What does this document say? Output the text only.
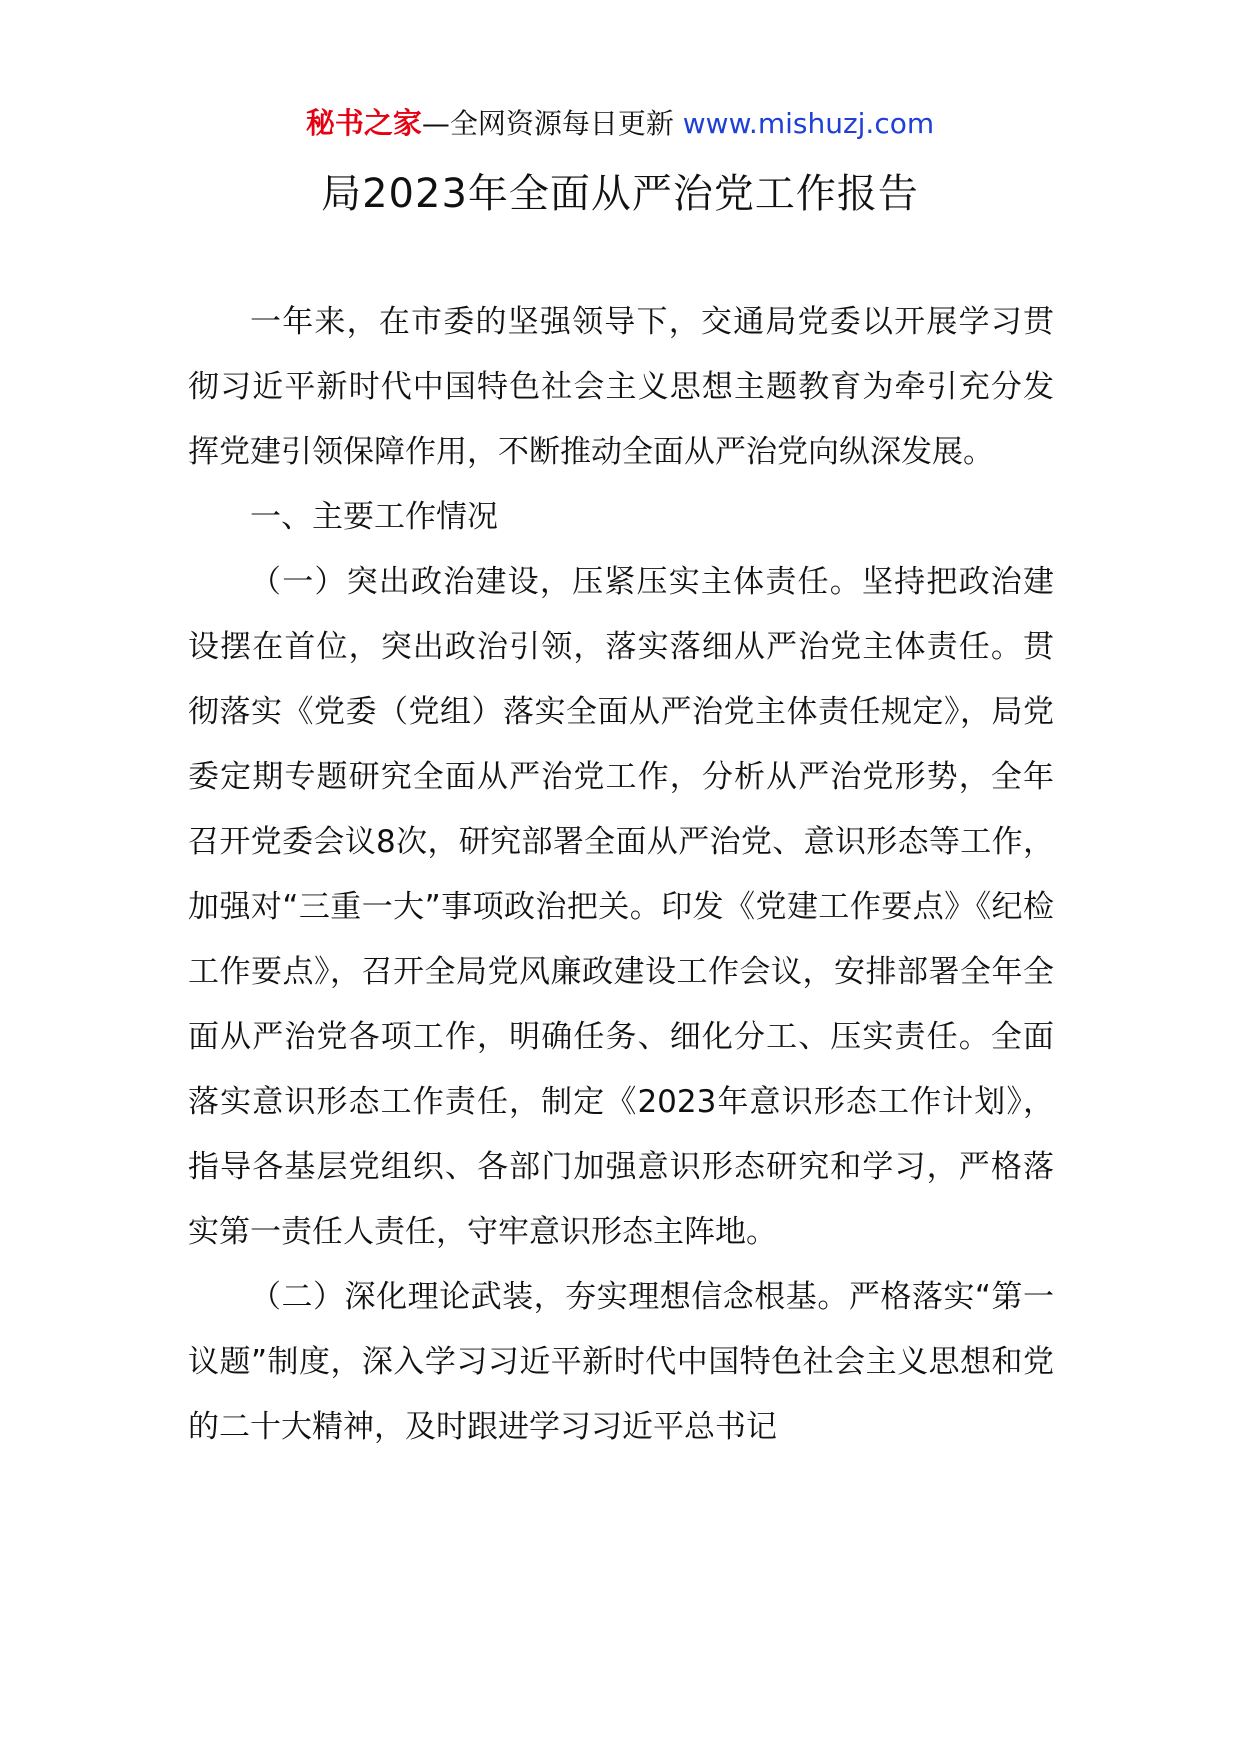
秘书之家—全网资源每日更新 www.mishuzj.com
局2023年全面从严治党工作报告

一年来，在市委的坚强领导下，交通局党委以开展学习贯彻习近平新时代中国特色社会主义思想主题教育为牵引充分发挥党建引领保障作用，不断推动全面从严治党向纵深发展。

一、主要工作情况

（一）突出政治建设，压紧压实主体责任。坚持把政治建设摆在首位，突出政治引领，落实落细从严治党主体责任。贯彻落实《党委（党组）落实全面从严治党主体责任规定》，局党委定期专题研究全面从严治党工作，分析从严治党形势，全年召开党委会议8次，研究部署全面从严治党、意识形态等工作，加强对“三重一大”事项政治把关。印发《党建工作要点》《纪检工作要点》，召开全局党风廉政建设工作会议，安排部署全年全面从严治党各项工作，明确任务、细化分工、压实责任。全面落实意识形态工作责任，制定《2023年意识形态工作计划》，指导各基层党组织、各部门加强意识形态研究和学习，严格落实第一责任人责任，守牢意识形态主阵地。

（二）深化理论武装，夯实理想信念根基。严格落实“第一议题”制度，深入学习习近平新时代中国特色社会主义思想和党的二十大精神，及时跟进学习习近平总书记
